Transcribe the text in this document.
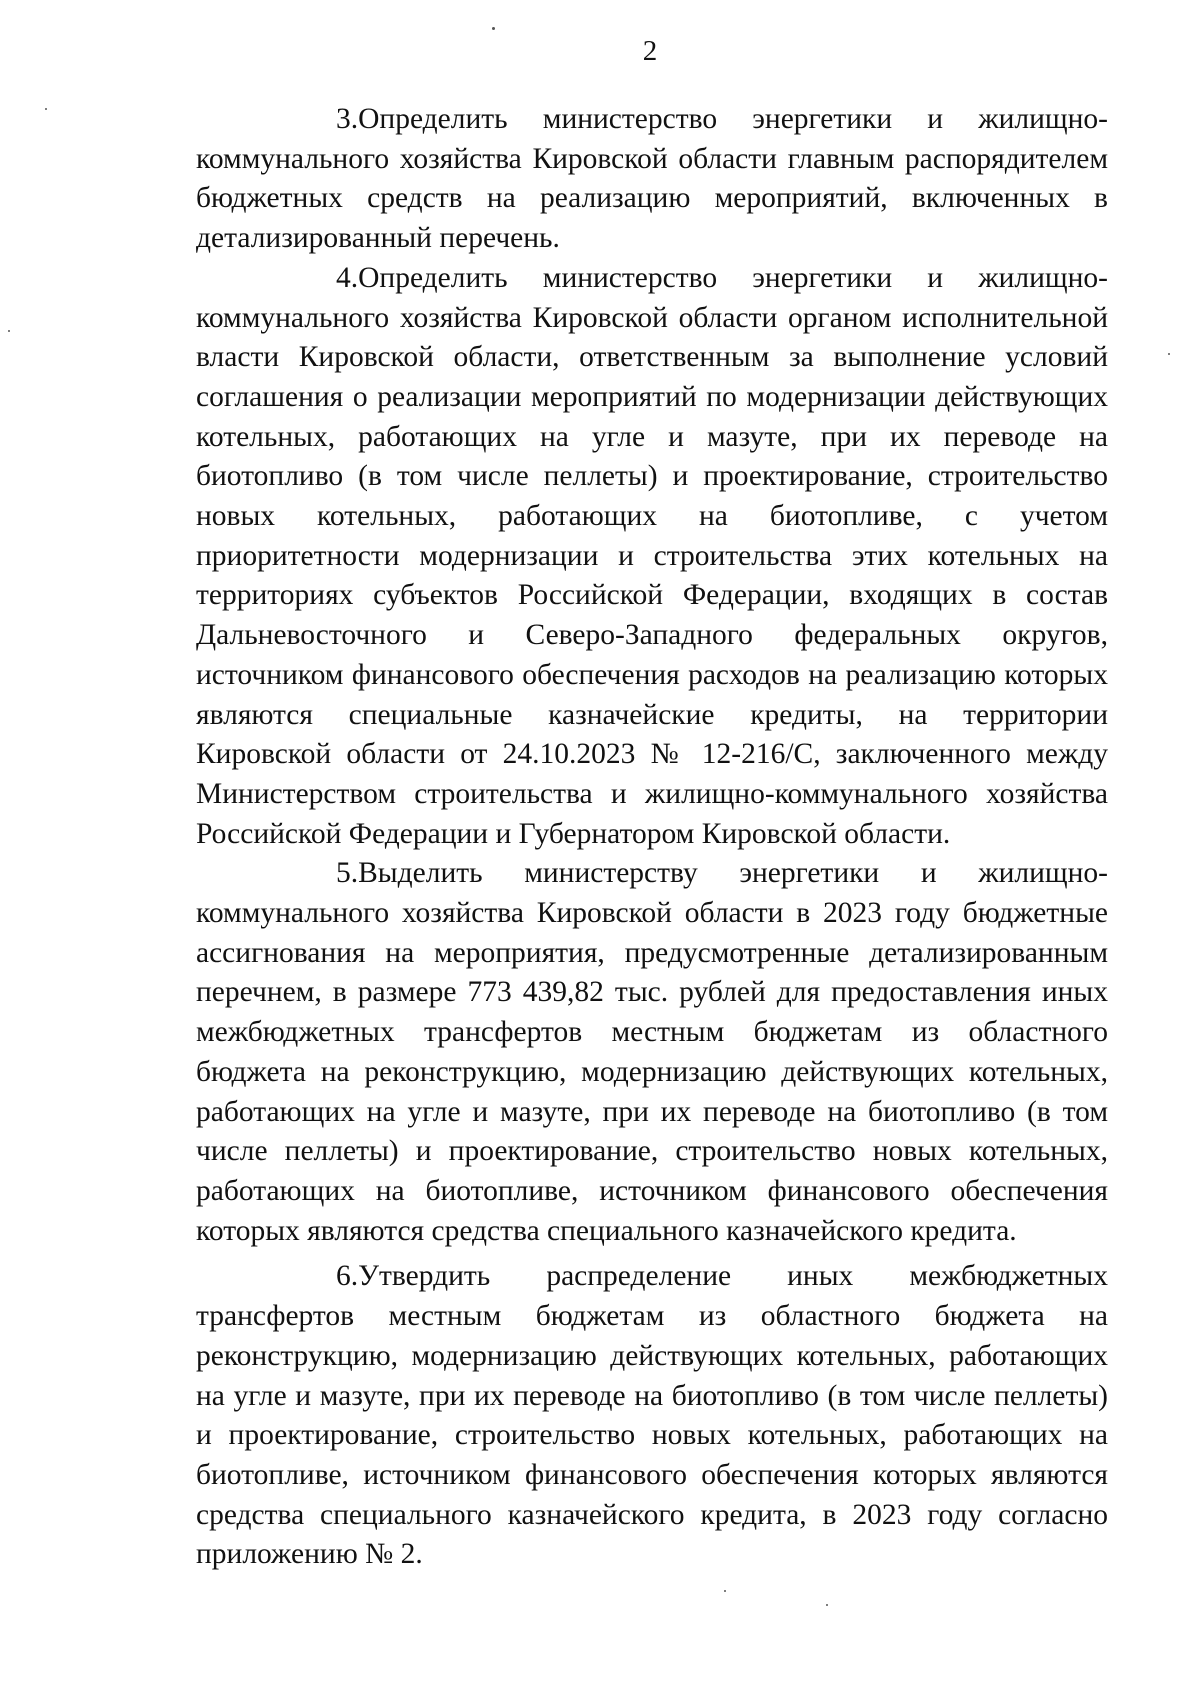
2

3.Определить министерство энергетики и жилищно-коммунального хозяйства Кировской области главным распорядителем бюджетных средств на реализацию мероприятий, включенных в детализированный перечень.

4.Определить министерство энергетики и жилищно-коммунального хозяйства Кировской области органом исполнительной власти Кировской области, ответственным за выполнение условий соглашения о реализации мероприятий по модернизации действующих котельных, работающих на угле и мазуте, при их переводе на биотопливо (в том числе пеллеты) и проектирование, строительство новых котельных, работающих на биотопливе, с учетом приоритетности модернизации и строительства этих котельных на территориях субъектов Российской Федерации, входящих в состав Дальневосточного и Северо-Западного федеральных округов, источником финансового обеспечения расходов на реализацию которых являются специальные казначейские кредиты, на территории Кировской области от 24.10.2023 № 12-216/С, заключенного между Министерством строительства и жилищно-коммунального хозяйства Российской Федерации и Губернатором Кировской области.

5.Выделить министерству энергетики и жилищно-коммунального хозяйства Кировской области в 2023 году бюджетные ассигнования на мероприятия, предусмотренные детализированным перечнем, в размере 773 439,82 тыс. рублей для предоставления иных межбюджетных трансфертов местным бюджетам из областного бюджета на реконструкцию, модернизацию действующих котельных, работающих на угле и мазуте, при их переводе на биотопливо (в том числе пеллеты) и проектирование, строительство новых котельных, работающих на биотопливе, источником финансового обеспечения которых являются средства специального казначейского кредита.

6.Утвердить распределение иных межбюджетных трансфертов местным бюджетам из областного бюджета на реконструкцию, модернизацию действующих котельных, работающих на угле и мазуте, при их переводе на биотопливо (в том числе пеллеты) и проектирование, строительство новых котельных, работающих на биотопливе, источником финансового обеспечения которых являются средства специального казначейского кредита, в 2023 году согласно приложению № 2.
